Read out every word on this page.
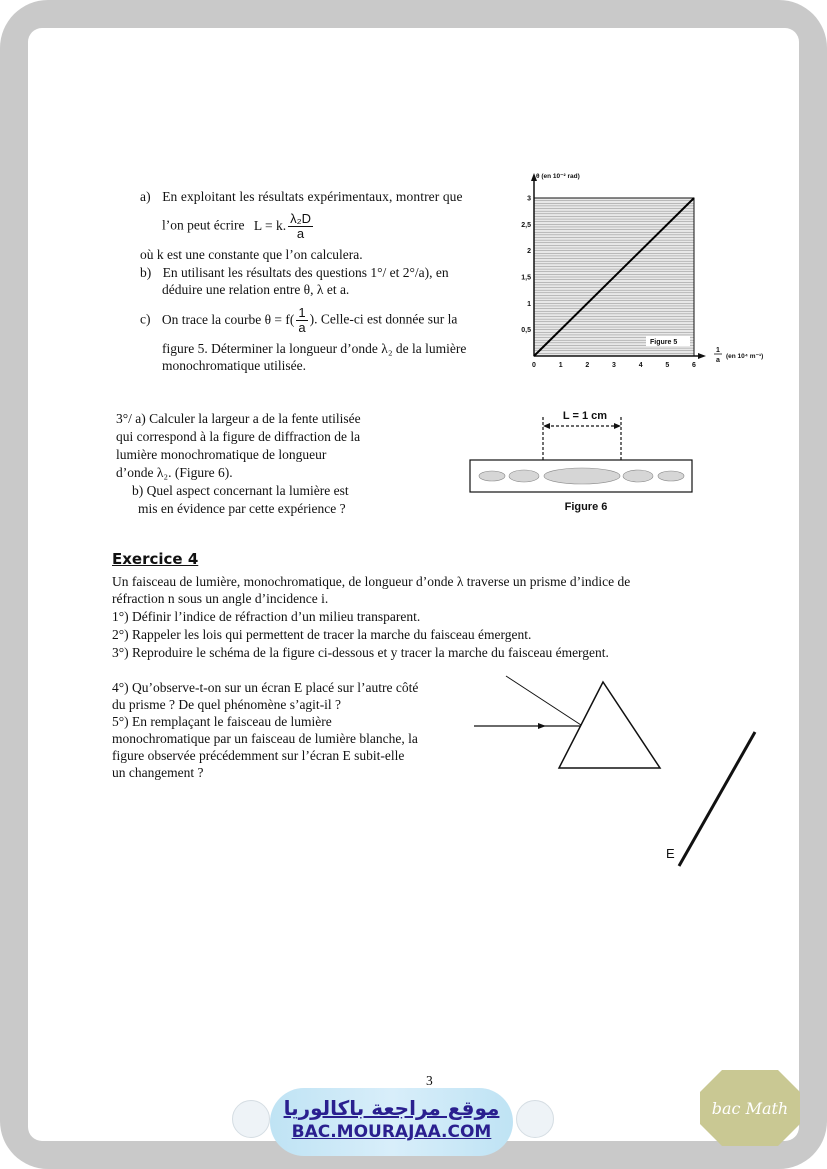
a) En exploitant les résultats expérimentaux, montrer que
l’on peut écrire L = k. $\frac{\text{λ₂D}}{a}$
où k est une constante que l’on calculera.
b) En utilisant les résultats des questions 1°/ et 2°/a), en
déduire une relation entre θ, λ et a.
c) On trace la courbe $\theta = f( \frac{1}{a}$ ). Celle-ci est donnée sur la
figure 5. Déterminer la longueur d’onde λ₂ de la lumière
monochromatique utilisée.
0,5
1
1,5
2
2,5
3
0	1	2	3	4	5	6
Figure 5
θ (en 10⁻² rad)
1
a
(en 10⁴ m⁻¹)
3°/ a) Calculer la largeur a de la fente utilisée
qui correspond à la figure de diffraction de la
lumière monochromatique de longueur
d’onde λ₂. (Figure 6).
b) Quel aspect concernant la lumière est
mis en évidence par cette expérience ?
L = 1 cm
Figure 6
Exercice 4
Un faisceau de lumière, monochromatique, de longueur d’onde λ traverse un prisme d’indice de
réfraction n sous un angle d’incidence i.
1°) Définir l’indice de réfraction d’un milieu transparent.
2°) Rappeler les lois qui permettent de tracer la marche du faisceau émergent.
3°) Reproduire le schéma de la figure ci-dessous et y tracer la marche du faisceau émergent.
4°) Qu’observe-t-on sur un écran E placé sur l’autre côté
du prisme ? De quel phénomène s’agit-il ?
5°) En remplaçant le faisceau de lumière
monochromatique par un faisceau de lumière blanche, la
figure observée précédemment sur l’écran E subit-elle
un changement ?
E
3
موقع مراجعة باكالوريا
BAC.MOURAJAA.COM
bac Math
